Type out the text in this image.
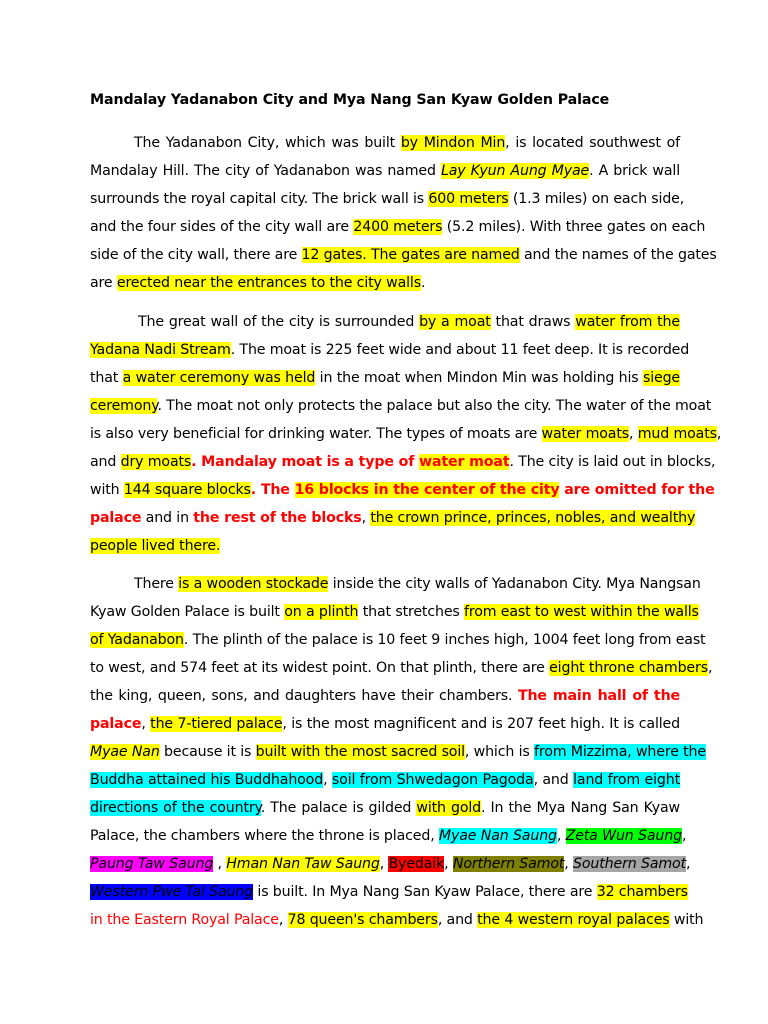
Mandalay Yadanabon City and Mya Nang San Kyaw Golden Palace
The Yadanabon City, which was built by Mindon Min, is located southwest of
Mandalay Hill. The city of Yadanabon was named Lay Kyun Aung Myae. A brick wall
surrounds the royal capital city. The brick wall is 600 meters (1.3 miles) on each side,
and the four sides of the city wall are 2400 meters (5.2 miles). With three gates on each
side of the city wall, there are 12 gates. The gates are named and the names of the gates
are erected near the entrances to the city walls.
The great wall of the city is surrounded by a moat that draws water from the
Yadana Nadi Stream. The moat is 225 feet wide and about 11 feet deep. It is recorded
that a water ceremony was held in the moat when Mindon Min was holding his siege
ceremony. The moat not only protects the palace but also the city. The water of the moat
is also very beneficial for drinking water. The types of moats are water moats, mud moats,
and dry moats. Mandalay moat is a type of water moat. The city is laid out in blocks,
with 144 square blocks. The 16 blocks in the center of the city are omitted for the
palace and in the rest of the blocks, the crown prince, princes, nobles, and wealthy
people lived there.
There is a wooden stockade inside the city walls of Yadanabon City. Mya Nangsan
Kyaw Golden Palace is built on a plinth that stretches from east to west within the walls
of Yadanabon. The plinth of the palace is 10 feet 9 inches high, 1004 feet long from east
to west, and 574 feet at its widest point. On that plinth, there are eight throne chambers,
the king, queen, sons, and daughters have their chambers. The main hall of the
palace, the 7-tiered palace, is the most magnificent and is 207 feet high. It is called
Myae Nan because it is built with the most sacred soil, which is from Mizzima, where the
Buddha attained his Buddhahood, soil from Shwedagon Pagoda, and land from eight
directions of the country. The palace is gilded with gold. In the Mya Nang San Kyaw
Palace, the chambers where the throne is placed, Myae Nan Saung, Zeta Wun Saung,
Paung Taw Saung , Hman Nan Taw Saung, Byedaik, Northern Samot, Southern Samot,
Western Pwe Tal Saung is built. In Mya Nang San Kyaw Palace, there are 32 chambers
in the Eastern Royal Palace, 78 queen's chambers, and the 4 western royal palaces with
